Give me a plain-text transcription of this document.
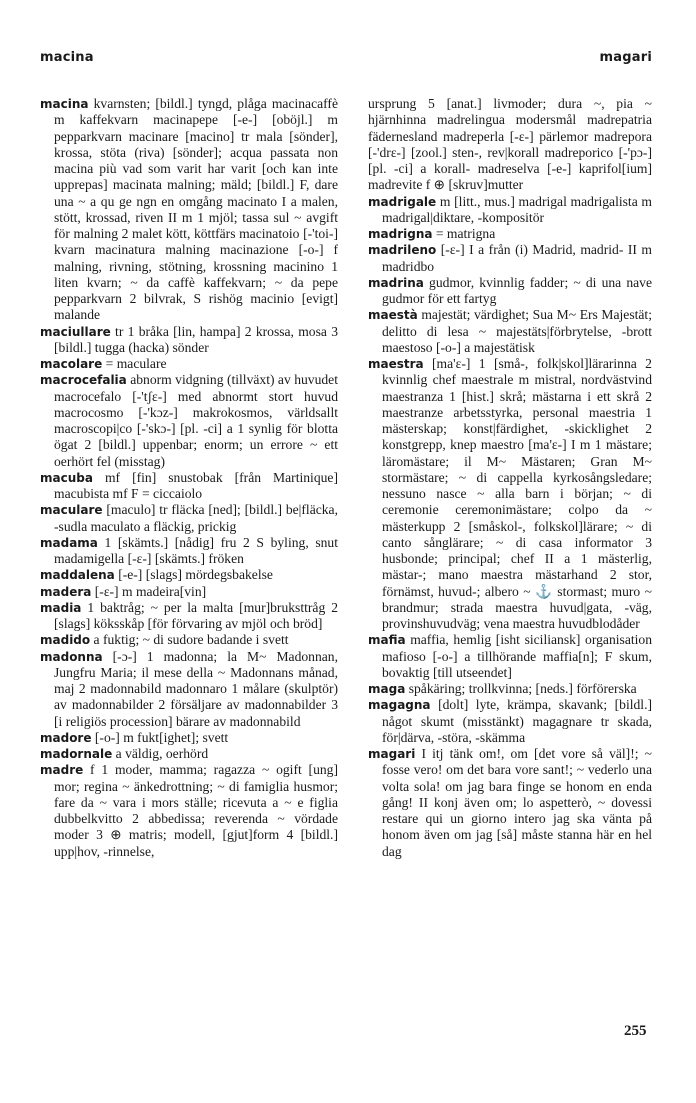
macina	magari
macina kvarnsten; [bildl.] tyngd, plåga macinacaffè m kaffekvarn macinapepe [-e-] [oböjl.] m pepparkvarn macinare [macino] tr mala [sönder], krossa, stöta (riva) [sönder]; acqua passata non macina più vad som varit har varit [och kan inte upprepas] macinata malning; mäld; [bildl.] F, dare una ~ a qu ge ngn en omgång macinato I a malen, stött, krossad, riven II m 1 mjöl; tassa sul ~ avgift för malning 2 malet kött, köttfärs macinatoio [-'toi-] kvarn macinatura malning macinazione [-o-] f malning, rivning, stötning, krossning macinino 1 liten kvarn; ~ da caffè kaffekvarn; ~ da pepe pepparkvarn 2 bilvrak, S rishög macinio [evigt] malande
maciullare tr 1 bråka [lin, hampa] 2 krossa, mosa 3 [bildl.] tugga (hacka) sönder
macolare = maculare
macrocefalia abnorm vidgning (tillväxt) av huvudet macrocefalo [-'tʃɛ-] med abnormt stort huvud macrocosmo [-'kɔz-] makrokosmos, världsallt macroscopi|co [-'skɔ-] [pl. -ci] a 1 synlig för blotta ögat 2 [bildl.] uppenbar; enorm; un errore ~ ett oerhört fel (misstag)
macuba mf [fin] snustobak [från Martinique] macubista mf F = ciccaiolo
maculare [maculo] tr fläcka [ned]; [bildl.] be|fläcka, -sudla maculato a fläckig, prickig
madama 1 [skämts.] [nådig] fru 2 S byling, snut madamigella [-ɛ-] [skämts.] fröken
maddalena [-e-] [slags] mördegsbakelse
madera [-ɛ-] m madeira[vin]
madia 1 baktråg; ~ per la malta [mur]bruksttråg 2 [slags] köksskåp [för förvaring av mjöl och bröd]
madido a fuktig; ~ di sudore badande i svett
madonna [-ɔ-] 1 madonna; la M~ Madonnan, Jungfru Maria; il mese della ~ Madonnans månad, maj 2 madonnabild madonnaro 1 målare (skulptör) av madonnabilder 2 försäljare av madonnabilder 3 [i religiös procession] bärare av madonnabild
madore [-o-] m fukt[ighet]; svett
madornale a väldig, oerhörd
madre f 1 moder, mamma; ragazza ~ ogift [ung] mor; regina ~ änkedrottning; ~ di famiglia husmor; fare da ~ vara i mors ställe; ricevuta a ~ e figlia dubbelkvitto 2 abbedissa; reverenda ~ vördade moder 3 ⊕ matris; modell, [gjut]form 4 [bildl.] upp|hov, -rinnelse,
ursprung 5 [anat.] livmoder; dura ~, pia ~ hjärnhinna madrelingua modersmål madrepatria fädernesland madreperla [-ɛ-] pärlemor madrepora [-'drɛ-] [zool.] sten-, rev|korall madreporico [-'pɔ-] [pl. -ci] a korall- madreselva [-e-] kaprifol[ium] madrevite f ⊕ [skruv]mutter
madrigale m [litt., mus.] madrigal madrigalista m madrigal|diktare, -kompositör
madrigna = matrigna
madrileno [-ɛ-] I a från (i) Madrid, madrid- II m madridbo
madrina gudmor, kvinnlig fadder; ~ di una nave gudmor för ett fartyg
maestà majestät; värdighet; Sua M~ Ers Majestät; delitto di lesa ~ majestäts|förbrytelse, -brott maestoso [-o-] a majestätisk
maestra [ma'ɛ-] 1 [små-, folk|skol]lärarinna 2 kvinnlig chef maestrale m mistral, nordvästvind maestranza 1 [hist.] skrå; mästarna i ett skrå 2 maestranze arbetsstyrka, personal maestria 1 mästerskap; konst|färdighet, -skicklighet 2 konstgrepp, knep maestro [ma'ɛ-] I m 1 mästare; läromästare; il M~ Mästaren; Gran M~ stormästare; ~ di cappella kyrkosångsledare; nessuno nasce ~ alla barn i början; ~ di ceremonie ceremonimästare; colpo da ~ mästerkupp 2 [småskol-, folkskol]lärare; ~ di canto sånglärare; ~ di casa informator 3 husbonde; principal; chef II a 1 mästerlig, mästar-; mano maestra mästarhand 2 stor, förnämst, huvud-; albero ~ ⚓ stormast; muro ~ brandmur; strada maestra huvud|gata, -väg, provinshuvudväg; vena maestra huvudblodåder
mafia maffia, hemlig [isht siciliansk] organisation mafioso [-o-] a tillhörande maffia[n]; F skum, bovaktig [till utseendet]
maga spåkäring; trollkvinna; [neds.] förförerska
magagna [dolt] lyte, krämpa, skavank; [bildl.] något skumt (misstänkt) magagnare tr skada, för|därva, -störa, -skämma
magari I itj tänk om!, om [det vore så väl]!; ~ fosse vero! om det bara vore sant!; ~ vederlo una volta sola! om jag bara finge se honom en enda gång! II konj även om; lo aspetterò, ~ dovessi restare qui un giorno intero jag ska vänta på honom även om jag [så] måste stanna här en hel dag
255
